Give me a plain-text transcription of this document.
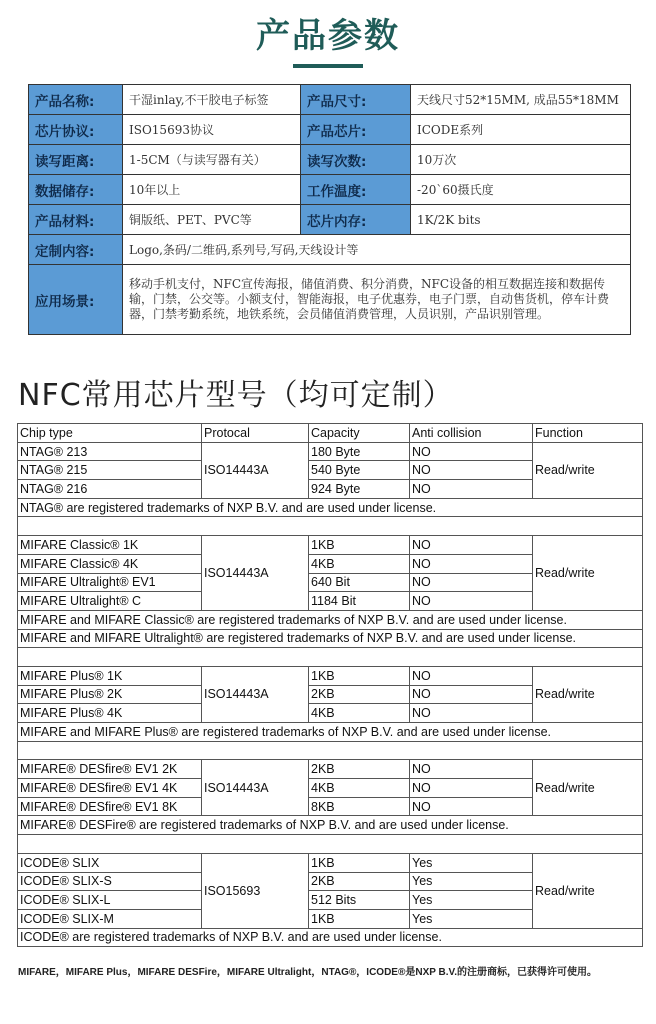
产品参数
产品名称:	干湿inlay,不干胶电子标签	产品尺寸:	天线尺寸52*15MM, 成品55*18MM
芯片协议:	ISO15693协议	产品芯片:	ICODE系列
读写距离:	1-5CM（与读写器有关）	读写次数:	10万次
数据储存:	10年以上	工作温度:	-20`60摄氏度
产品材料:	铜版纸、PET、PVC等	芯片内存:	1K/2K bits
定制内容:	Logo,条码/二维码,系列号,写码,天线设计等		
应用场景:	移动手机支付，NFC宣传海报，储值消费、积分消费，NFC设备的相互数据连接和数据传输，门禁，公交等。小额支付，智能海报，电子优惠券，电子门票，自动售货机，停车计费器，门禁考勤系统，地铁系统，会员储值消费管理，人员识别，产品识别管理。		
NFC常用芯片型号（均可定制）
Chip type	Protocal	Capacity	Anti collision	Function
NTAG® 213	ISO14443A	180 Byte	NO	Read/write
NTAG® 215		540 Byte	NO	
NTAG® 216		924 Byte	NO	
NTAG® are registered trademarks of NXP B.V. and are used under license.				

MIFARE Classic® 1K	ISO14443A	1KB	NO	Read/write
MIFARE Classic® 4K		4KB	NO	
MIFARE Ultralight® EV1		640 Bit	NO	
MIFARE Ultralight® C		1184 Bit	NO	
MIFARE and MIFARE Classic® are registered trademarks of NXP B.V. and are used under license.				
MIFARE and MIFARE Ultralight® are registered trademarks of NXP B.V. and are used under license.				

MIFARE Plus® 1K	ISO14443A	1KB	NO	Read/write
MIFARE Plus® 2K		2KB	NO	
MIFARE Plus® 4K		4KB	NO	
MIFARE and MIFARE Plus® are registered trademarks of NXP B.V. and are used under license.				

MIFARE® DESfire® EV1 2K	ISO14443A	2KB	NO	Read/write
MIFARE® DESfire® EV1 4K		4KB	NO	
MIFARE® DESfire® EV1 8K		8KB	NO	
MIFARE® DESFire® are registered trademarks of NXP B.V. and are used under license.				

ICODE® SLIX	ISO15693	1KB	Yes	Read/write
ICODE® SLIX-S		2KB	Yes	
ICODE® SLIX-L		512 Bits	Yes	
ICODE® SLIX-M		1KB	Yes	
ICODE® are registered trademarks of NXP B.V. and are used under license.				
MIFARE，MIFARE Plus，MIFARE DESFire，MIFARE Ultralight，NTAG®，ICODE®是NXP B.V.的注册商标，已获得许可使用。
